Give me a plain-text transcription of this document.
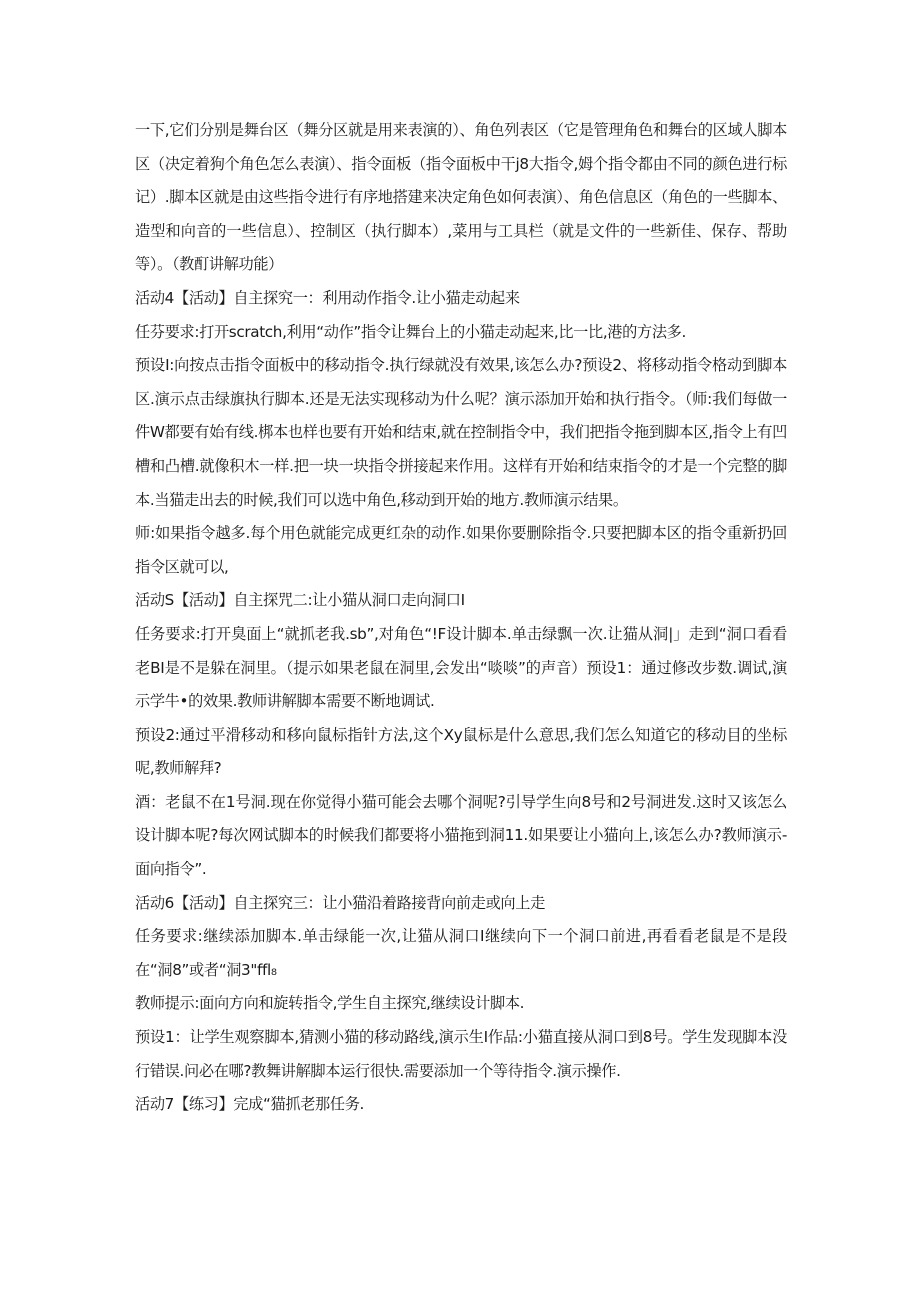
一下,它们分别是舞台区（舞分区就是用来表演的）、角色列表区（它是管理角色和舞台的区域人脚本区（决定着狗个角色怎么表演）、指令面板（指令面板中干j8大指令,姆个指令都由不同的颜色进行标记）.脚本区就是由这些指令进行有序地搭建来决定角色如何表演）、角色信息区（角色的一些脚本、造型和向音的一些信息）、控制区（执行脚本）,菜用与工具栏（就是文件的一些新佳、保存、帮助等）。（教酊讲解功能）

活动4【活动】自主探究一：利用动作指令.让小猫走动起来

任芬要求:打开scratch,利用“动作”指令让舞台上的小猫走动起来,比一比,港的方法多.

预设I:向按点击指令面板中的移动指令.执行绿就没有效果,该怎么办?预设2、将移动指令格动到脚本区.演示点击绿旗执行脚本.还是无法实现移动为什么呢？演示添加开始和执行指令。（师:我们每做一件W都要有始有线.梆本也样也要有开始和结束,就在控制指令中，我们把指令拖到脚本区,指令上有凹槽和凸槽.就像积木一样.把一块一块指令拼接起来作用。这样有开始和结束指令的才是一个完整的脚本.当猫走出去的时候,我们可以选中角色,移动到开始的地方.教师演示结果。

师:如果指令越多.每个用色就能完成更红杂的动作.如果你要删除指令.只要把脚本区的指令重新扔回指令区就可以,

活动S【活动】自主探咒二:让小猫从洞口走向洞口I

任务要求:打开臭面上“就抓老我.sb”,对角色“!F设计脚本.单击绿飘一次.让猫从洞|」走到“洞口看看老BI是不是躲在洞里。（提示如果老鼠在洞里,会发出“啖啖”的声音）预设1：通过修改步数.调试,演示学牛•的效果.教师讲解脚本需要不断地调试.

预设2:通过平滑移动和移向鼠标指针方法,这个Xy鼠标是什么意思,我们怎么知道它的移动目的坐标呢,教师解拜?

酒：老鼠不在1号洞.现在你觉得小猫可能会去哪个洞呢?引导学生向8号和2号洞进发.这时又该怎么设计脚本呢?每次网试脚本的时候我们都要将小猫拖到洞11.如果要让小猫向上,该怎么办?教师演示-面向指令”.

活动6【活动】自主探究三：让小猫沿着路接背向前走或向上走

任务要求:继续添加脚本.单击绿能一次,让猫从洞口I继续向下一个洞口前进,再看看老鼠是不是段在“洞8”或者“洞3"ffl₈

教师提示:面向方向和旋转指令,学生自主探究,继续设计脚本.

预设1：让学生观察脚本,猜测小猫的移动路线,演示生I作品:小猫直接从洞口到8号。学生发现脚本没行错误.问必在哪?教舞讲解脚本运行很快.需要添加一个等待指令.演示操作.

活动7【练习】完成“猫抓老那任务.
